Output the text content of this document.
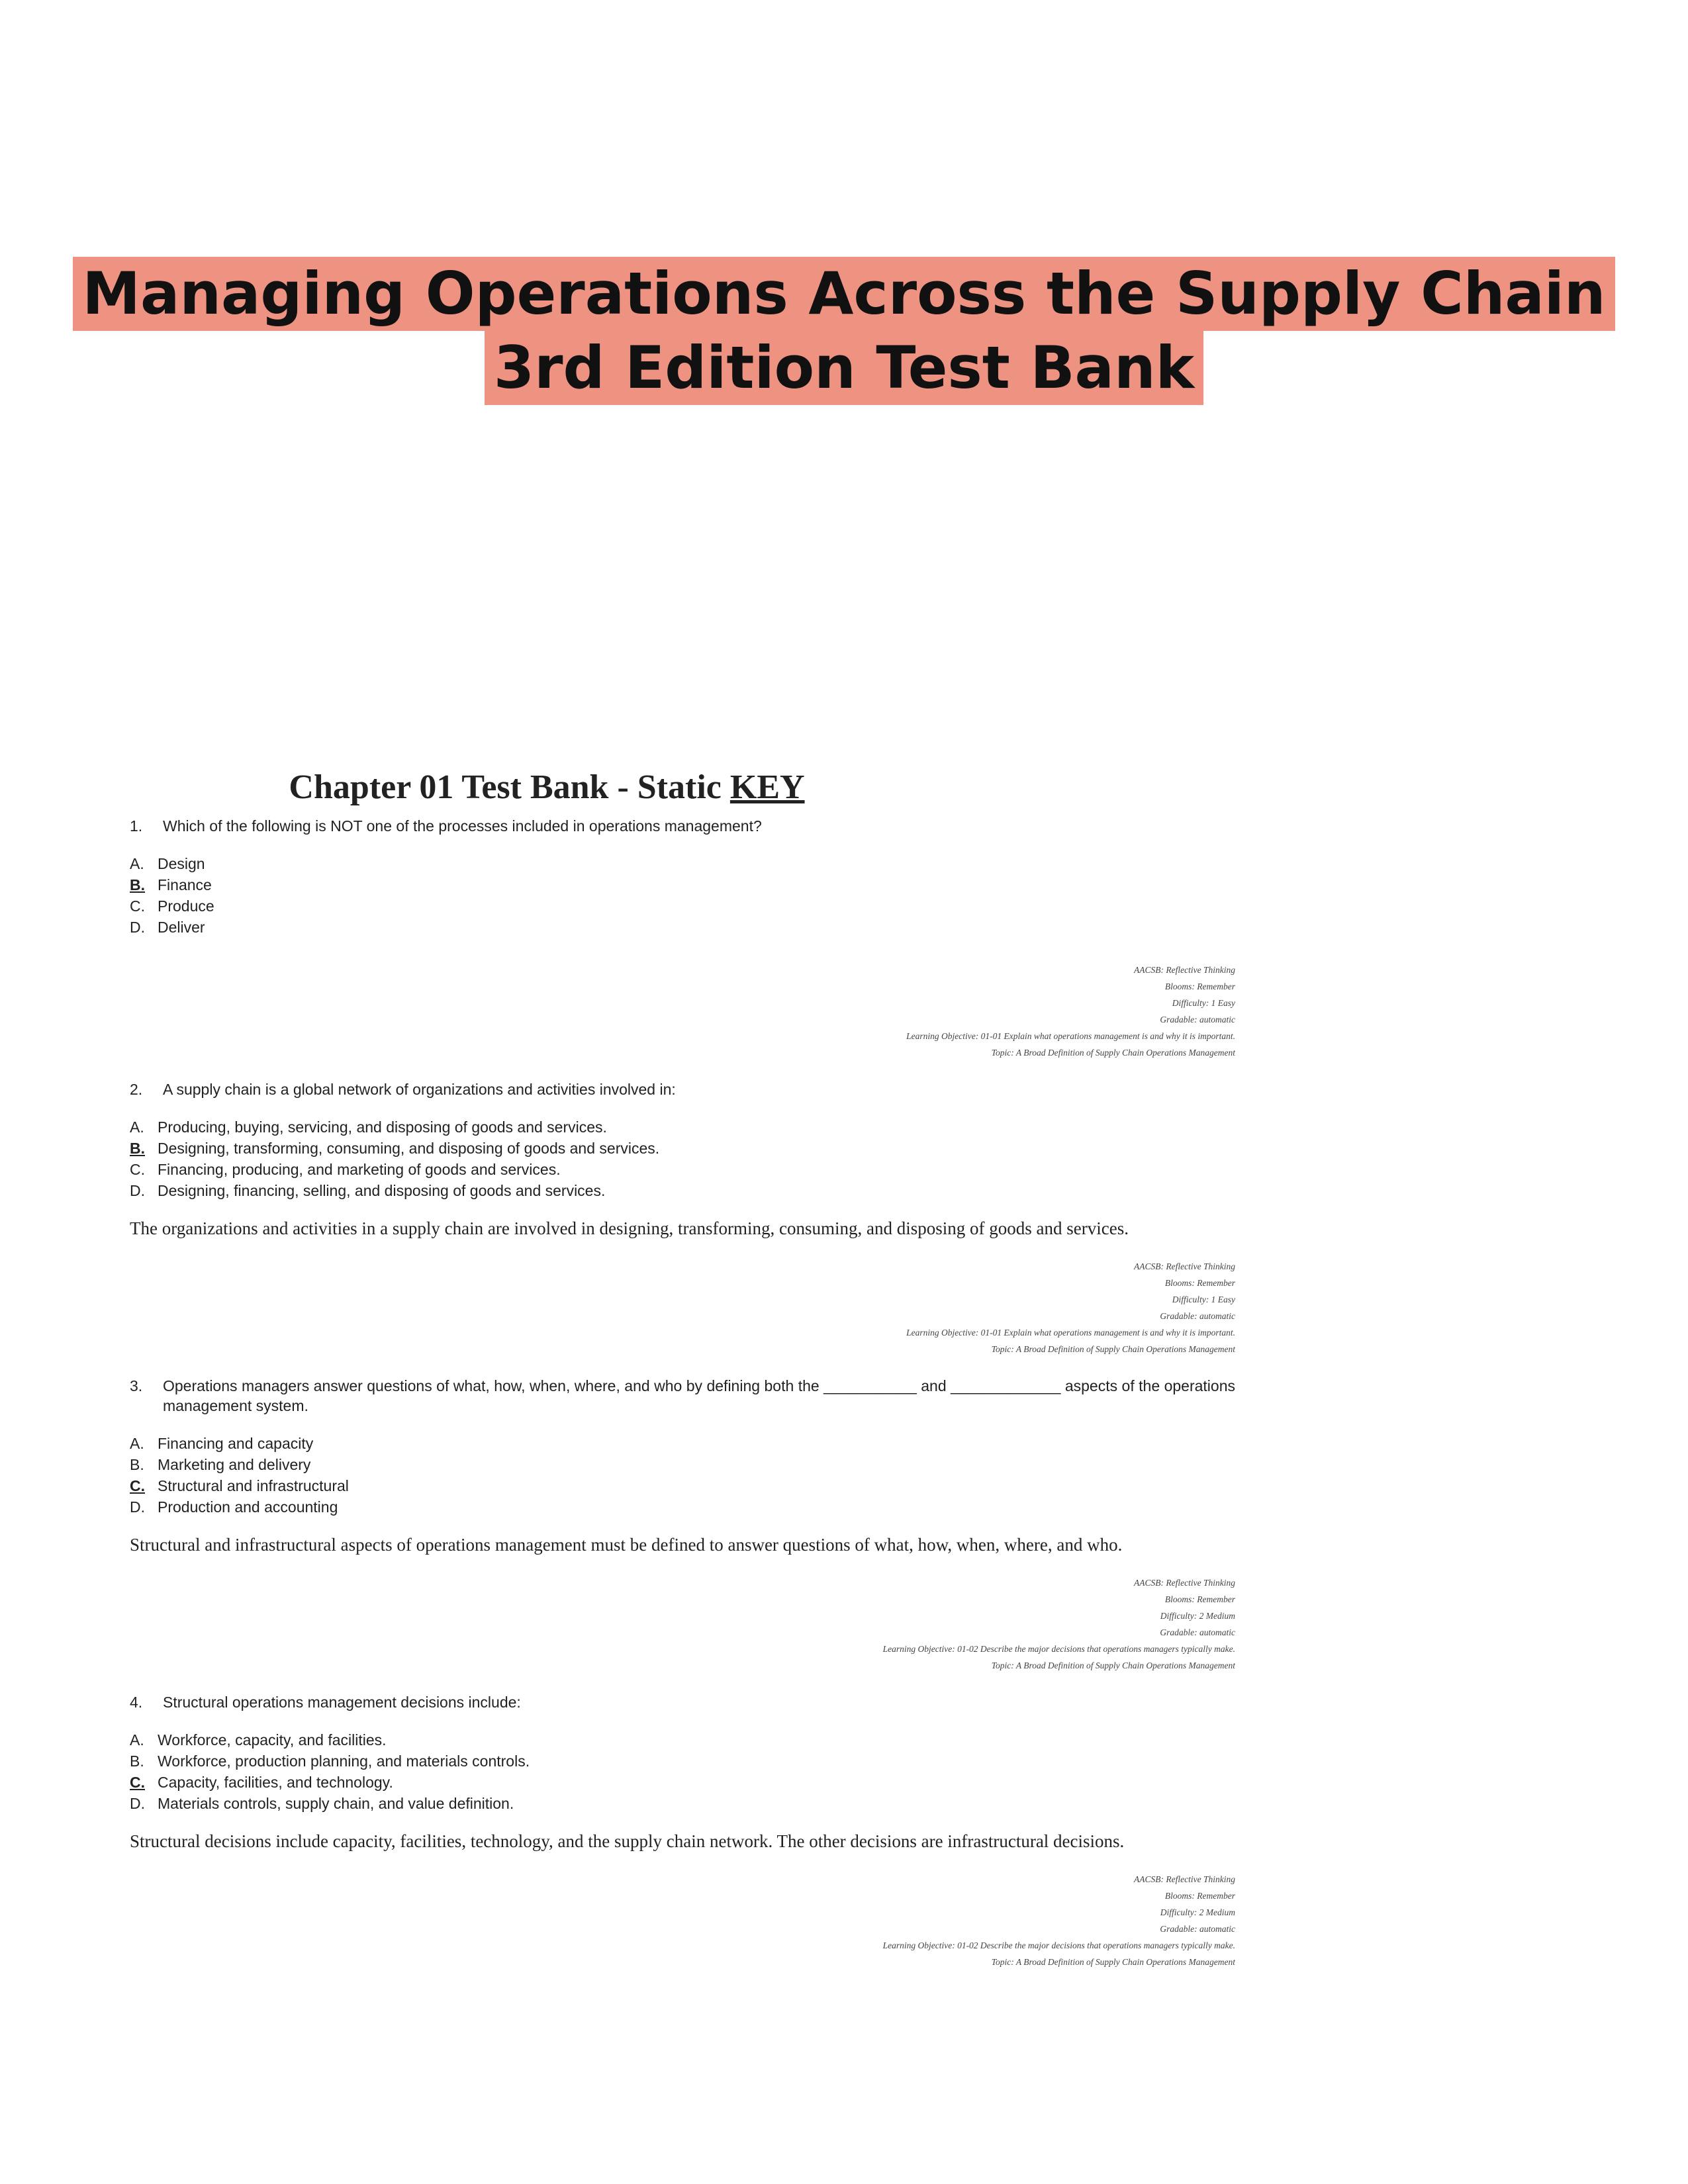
Managing Operations Across the Supply Chain
3rd Edition Test Bank
Chapter 01 Test Bank - Static KEY
1.	Which of the following is NOT one of the processes included in operations management?
A. Design
B. Finance
C. Produce
D. Deliver
AACSB: Reflective Thinking
Blooms: Remember
Difficulty: 1 Easy
Gradable: automatic
Learning Objective: 01-01 Explain what operations management is and why it is important.
Topic: A Broad Definition of Supply Chain Operations Management
2.	A supply chain is a global network of organizations and activities involved in:
A. Producing, buying, servicing, and disposing of goods and services.
B. Designing, transforming, consuming, and disposing of goods and services.
C. Financing, producing, and marketing of goods and services.
D. Designing, financing, selling, and disposing of goods and services.
The organizations and activities in a supply chain are involved in designing, transforming, consuming, and disposing of goods and services.
AACSB: Reflective Thinking
Blooms: Remember
Difficulty: 1 Easy
Gradable: automatic
Learning Objective: 01-01 Explain what operations management is and why it is important.
Topic: A Broad Definition of Supply Chain Operations Management
3.	Operations managers answer questions of what, how, when, where, and who by defining both the ___________ and _____________ aspects of the operations management system.
A. Financing and capacity
B. Marketing and delivery
C. Structural and infrastructural
D. Production and accounting
Structural and infrastructural aspects of operations management must be defined to answer questions of what, how, when, where, and who.
AACSB: Reflective Thinking
Blooms: Remember
Difficulty: 2 Medium
Gradable: automatic
Learning Objective: 01-02 Describe the major decisions that operations managers typically make.
Topic: A Broad Definition of Supply Chain Operations Management
4.	Structural operations management decisions include:
A. Workforce, capacity, and facilities.
B. Workforce, production planning, and materials controls.
C. Capacity, facilities, and technology.
D. Materials controls, supply chain, and value definition.
Structural decisions include capacity, facilities, technology, and the supply chain network. The other decisions are infrastructural decisions.
AACSB: Reflective Thinking
Blooms: Remember
Difficulty: 2 Medium
Gradable: automatic
Learning Objective: 01-02 Describe the major decisions that operations managers typically make.
Topic: A Broad Definition of Supply Chain Operations Management
